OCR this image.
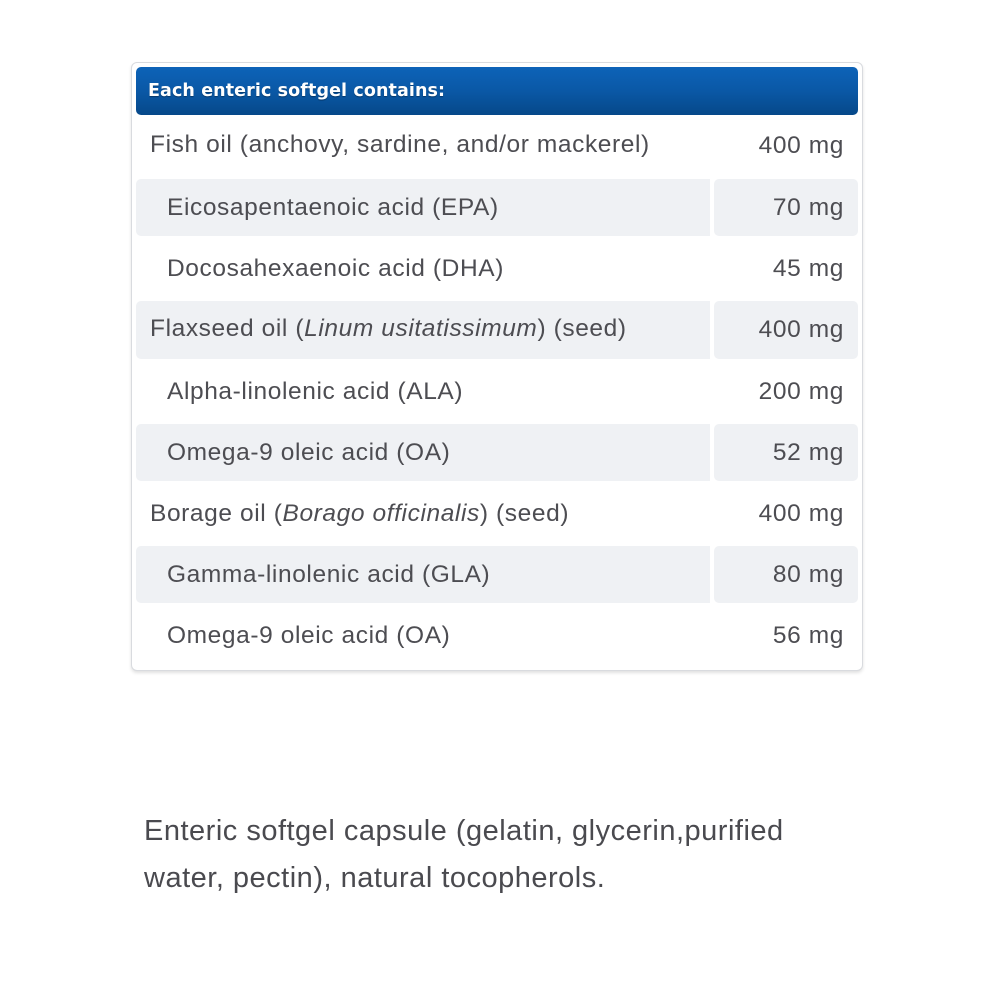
Each enteric softgel contains:
Fish oil (anchovy, sardine, and/or mackerel)	400 mg
Eicosapentaenoic acid (EPA)	70 mg
Docosahexaenoic acid (DHA)	45 mg
Flaxseed oil (Linum usitatissimum) (seed)	400 mg
Alpha-linolenic acid (ALA)	200 mg
Omega-9 oleic acid (OA)	52 mg
Borage oil (Borago officinalis) (seed)	400 mg
Gamma-linolenic acid (GLA)	80 mg
Omega-9 oleic acid (OA)	56 mg
Enteric softgel capsule (gelatin, glycerin,purified water, pectin), natural tocopherols.
